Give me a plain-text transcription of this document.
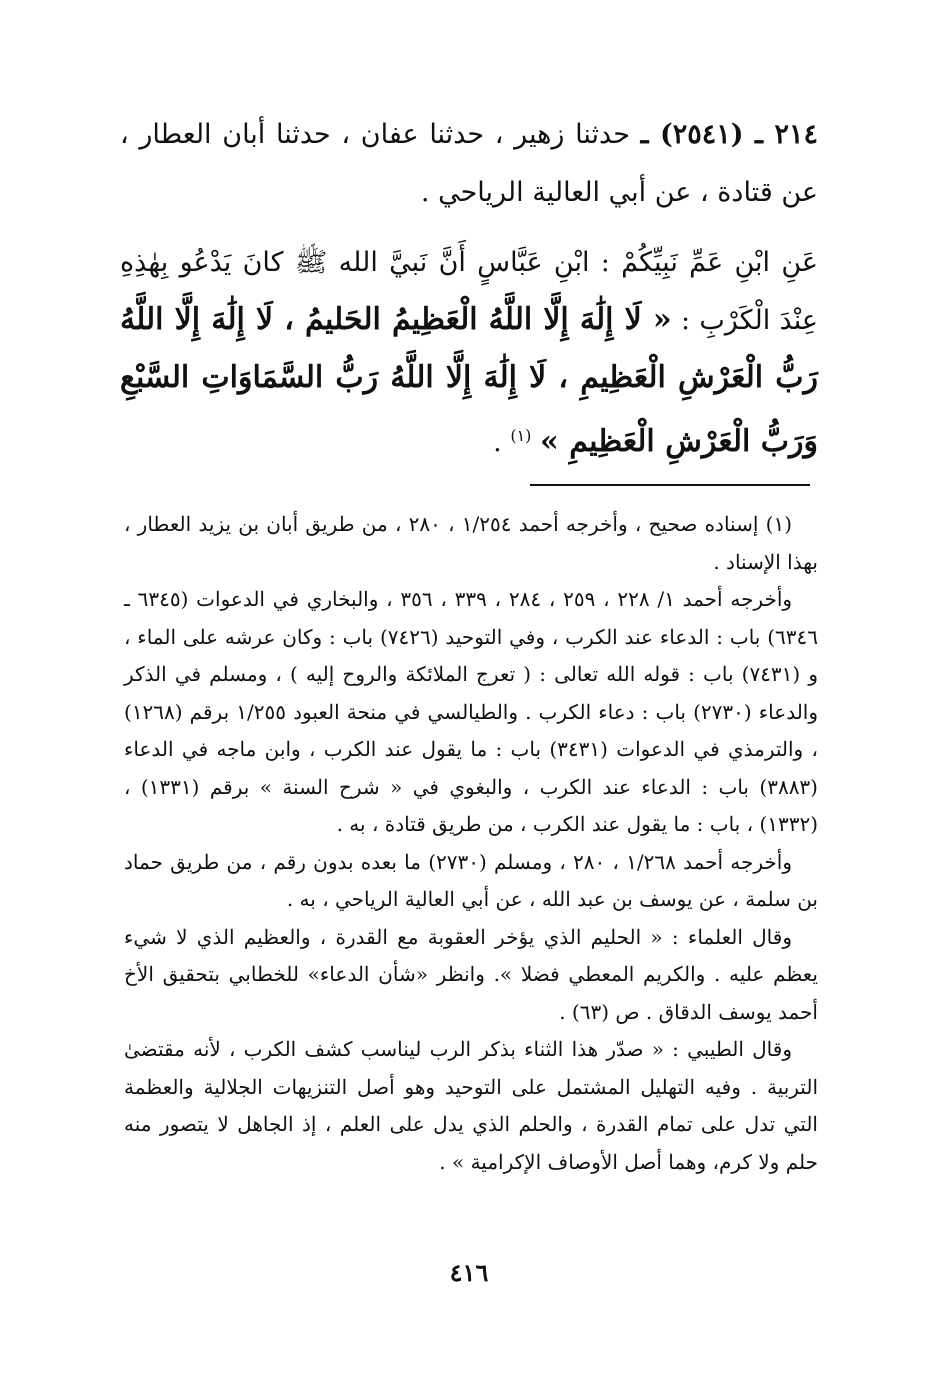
٢١٤ ـ (٢٥٤١) ـ حدثنا زهير ، حدثنا عفان ، حدثنا أبان العطار ، عن قتادة ، عن أبي العالية الرياحي .
عَنِ ابْنِ عَمِّ نَبِيِّكُمْ : ابْنِ عَبَّاسٍ أَنَّ نَبيَّ الله ﷺ كانَ يَدْعُو بِهٰذِهِ عِنْدَ الْكَرْبِ : « لَا إِلَٰهَ إِلَّا اللَّهُ الْعَظِيمُ الحَليمُ ، لَا إِلَٰهَ إِلَّا اللَّهُ رَبُّ الْعَرْشِ الْعَظِيمِ ، لَا إِلَٰهَ إِلَّا اللَّهُ رَبُّ السَّمَاوَاتِ السَّبْعِ وَرَبُّ الْعَرْشِ الْعَظِيمِ » $^{(١)}$ .

(١) إسناده صحيح ، وأخرجه أحمد ١/٢٥٤ ، ٢٨٠ ، من طريق أبان بن يزيد العطار ، بهذا الإسناد .

وأخرجه أحمد ١/ ٢٢٨ ، ٢٥٩ ، ٢٨٤ ، ٣٣٩ ، ٣٥٦ ، والبخاري في الدعوات (٦٣٤٥ ـ ٦٣٤٦) باب : الدعاء عند الكرب ، وفي التوحيد (٧٤٢٦) باب : وكان عرشه على الماء ، و (٧٤٣١) باب : قوله الله تعالى : ( تعرج الملائكة والروح إليه ) ، ومسلم في الذكر والدعاء (٢٧٣٠) باب : دعاء الكرب . والطيالسي في منحة العبود ١/٢٥٥ برقم (١٢٦٨) ، والترمذي في الدعوات (٣٤٣١) باب : ما يقول عند الكرب ، وابن ماجه في الدعاء (٣٨٨٣) باب : الدعاء عند الكرب ، والبغوي في « شرح السنة » برقم (١٣٣١) ، (١٣٣٢) ، باب : ما يقول عند الكرب ، من طريق قتادة ، به .

وأخرجه أحمد ١/٢٦٨ ، ٢٨٠ ، ومسلم (٢٧٣٠) ما بعده بدون رقم ، من طريق حماد بن سلمة ، عن يوسف بن عبد الله ، عن أبي العالية الرياحي ، به .

وقال العلماء : « الحليم الذي يؤخر العقوبة مع القدرة ، والعظيم الذي لا شيء يعظم عليه . والكريم المعطي فضلا ». وانظر «شأن الدعاء» للخطابي بتحقيق الأخ أحمد يوسف الدقاق . ص (٦٣) .

وقال الطيبي : « صدّر هذا الثناء بذكر الرب ليناسب كشف الكرب ، لأنه مقتضىٰ التربية . وفيه التهليل المشتمل على التوحيد وهو أصل التنزيهات الجلالية والعظمة التي تدل على تمام القدرة ، والحلم الذي يدل على العلم ، إذ الجاهل لا يتصور منه حلم ولا كرم، وهما أصل الأوصاف الإكرامية » .

٤١٦
